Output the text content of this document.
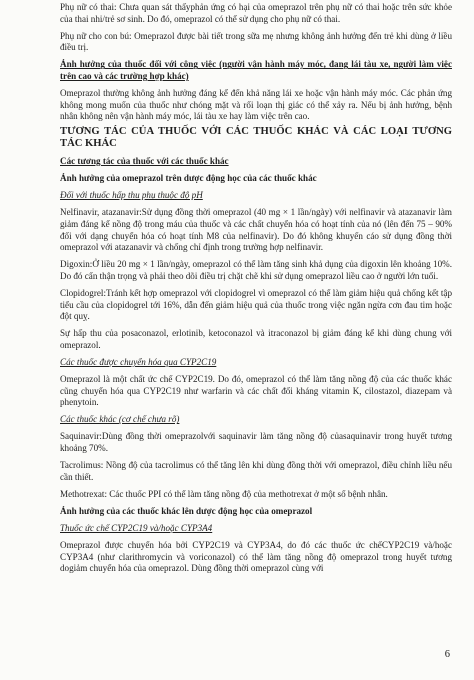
Phụ nữ có thai: Chưa quan sát thấyphản ứng có hại của omeprazol trên phụ nữ có thai hoặc trên sức khỏe của thai nhi/trẻ sơ sinh. Do đó, omeprazol có thể sử dụng cho phụ nữ có thai.

Phụ nữ cho con bú: Omeprazol được bài tiết trong sữa mẹ nhưng không ảnh hưởng đến trẻ khi dùng ở liều điều trị.

Ảnh hưởng của thuốc đối với công việc (người vận hành máy móc, đang lái tàu xe, người làm việc trên cao và các trường hợp khác)

Omeprazol thường không ảnh hưởng đáng kể đến khả năng lái xe hoặc vận hành máy móc. Các phản ứng không mong muốn của thuốc như chóng mặt và rối loạn thị giác có thể xảy ra. Nếu bị ảnh hưởng, bệnh nhân không nên vận hành máy móc, lái tàu xe hay làm việc trên cao.

TƯƠNG TÁC CỦA THUỐC VỚI CÁC THUỐC KHÁC VÀ CÁC LOẠI TƯƠNG TÁC KHÁC

Các tương tác của thuốc với các thuốc khác

Ảnh hưởng của omeprazol trên dược động học của các thuốc khác

Đối với thuốc hấp thu phụ thuộc độ pH

Nelfinavir, atazanavir:Sử dụng đồng thời omeprazol (40 mg × 1 lần/ngày) với nelfinavir và atazanavir làm giảm đáng kể nồng độ trong máu của thuốc và các chất chuyển hóa có hoạt tính của nó (lên đến 75 – 90% đối với dạng chuyển hóa có hoạt tính M8 của nelfinavir). Do đó không khuyến cáo sử dụng đồng thời omeprazol với atazanavir và chống chỉ định trong trường hợp nelfinavir.

Digoxin:Ở liều 20 mg × 1 lần/ngày, omeprazol có thể làm tăng sinh khả dụng của digoxin lên khoảng 10%. Do đó cẩn thận trọng và phải theo dõi điều trị chặt chẽ khi sử dụng omeprazol liều cao ở người lớn tuổi.

Clopidogrel:Tránh kết hợp omeprazol với clopidogrel vì omeprazol có thể làm giảm hiệu quả chống kết tập tiểu cầu của clopidogrel tới 16%, dẫn đến giảm hiệu quả của thuốc trong việc ngăn ngừa cơn đau tim hoặc đột quỵ.

Sự hấp thu của posaconazol, erlotinib, ketoconazol và itraconazol bị giảm đáng kể khi dùng chung với omeprazol.

Các thuốc được chuyển hóa qua CYP2C19

Omeprazol là một chất ức chế CYP2C19. Do đó, omeprazol có thể làm tăng nồng độ của các thuốc khác cũng chuyển hóa qua CYP2C19 như warfarin và các chất đối kháng vitamin K, cilostazol, diazepam và phenytoin.

Các thuốc khác (cơ chế chưa rõ)

Saquinavir:Dùng đồng thời omeprazolvới saquinavir làm tăng nồng độ củasaquinavir trong huyết tương khoảng 70%.

Tacrolimus: Nồng độ của tacrolimus có thể tăng lên khi dùng đồng thời với omeprazol, điều chỉnh liều nếu cần thiết.

Methotrexat: Các thuốc PPI có thể làm tăng nồng độ của methotrexat ở một số bệnh nhân.

Ảnh hưởng của các thuốc khác lên dược động học của omeprazol

Thuốc ức chế CYP2C19 và/hoặc CYP3A4

Omeprazol được chuyển hóa bởi CYP2C19 và CYP3A4, do đó các thuốc ức chếCYP2C19 và/hoặc CYP3A4 (như clarithromycin và voriconazol) có thể làm tăng nồng độ omeprazol trong huyết tương dogiảm chuyển hóa của omeprazol. Dùng đồng thời omeprazol cùng với

6
